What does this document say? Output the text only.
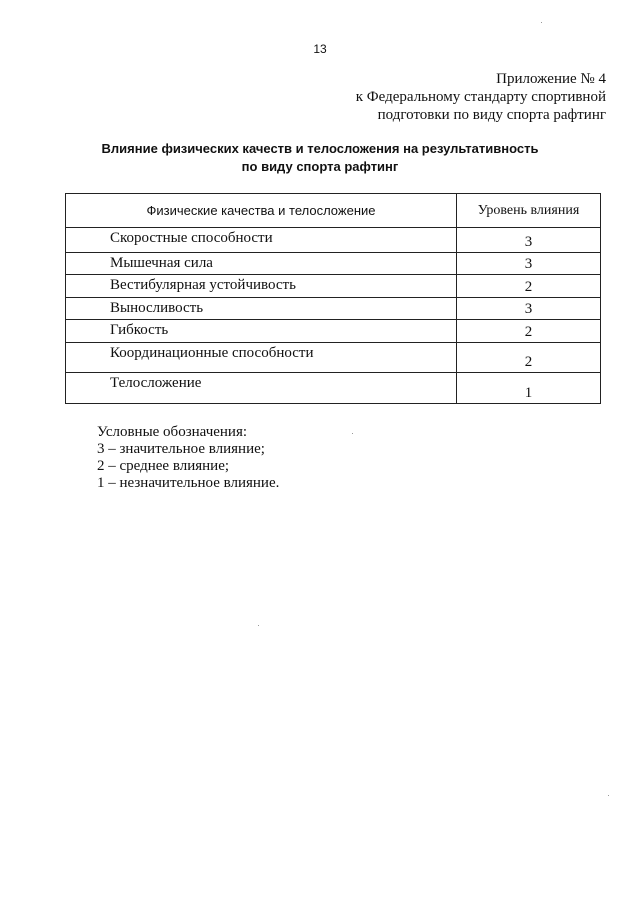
13
Приложение № 4
к Федеральному стандарту спортивной
подготовки по виду спорта рафтинг
Влияние физических качеств и телосложения на результативность
по виду спорта рафтинг
Физические качества и телосложение	Уровень влияния
Скоростные способности	3
Мышечная сила	3
Вестибулярная устойчивость	2
Выносливость	3
Гибкость	2
Координационные способности	2
Телосложение	1
Условные обозначения:
3 – значительное влияние;
2 – среднее влияние;
1 – незначительное влияние.
